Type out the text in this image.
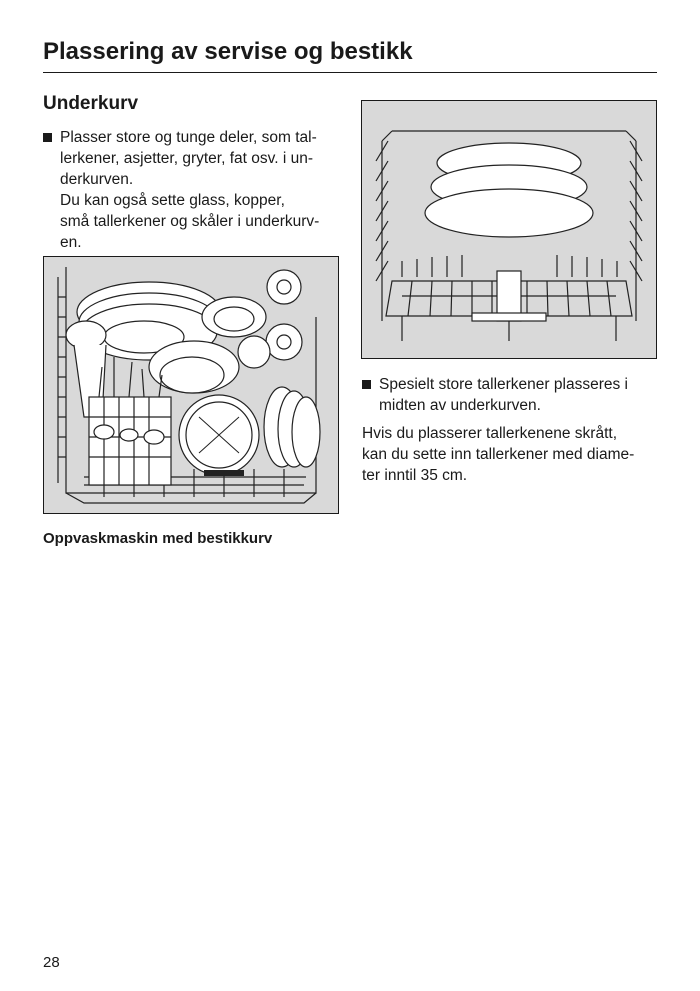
Plassering av servise og bestikk
Underkurv
Plasser store og tunge deler, som tal-
lerkener, asjetter, gryter, fat osv. i un-
derkurven.
Du kan også sette glass, kopper,
små tallerkener og skåler i underkurv-
en.
Oppvaskmaskin med bestikkurv
Spesielt store tallerkener plasseres i
midten av underkurven.
Hvis du plasserer tallerkenene skrått,
kan du sette inn tallerkener med diame-
ter inntil 35 cm.
28
